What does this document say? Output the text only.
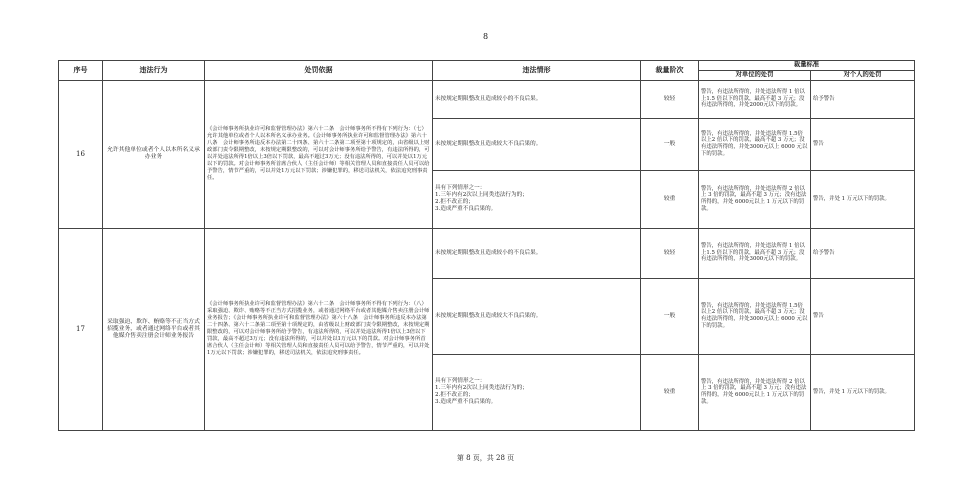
8
序号	违法行为	处罚依据	违法情形	裁量阶次	裁量标准	
					对单位的处罚	对个人的处罚
16	允许其他单位或者个人以本所名义承办业务	《会计师事务所执业许可和监督管理办法》第六十二条　会计师事务所不得有下列行为：（七）允许其他单位或者个人以本所名义承办业务。《会计师事务所执业许可和监督管理办法》第六十八条　会计师事务所违反本办法第二十四条、第六十二条第二项至第十项规定的，由省级以上财政部门责令限期整改，未按规定期限整改的，可以对会计师事务所给予警告，有违法所得的，可以并处违法所得1倍以上3倍以下罚款，最高不超过3万元；没有违法所得的，可以并处以1万元以下的罚款。对会计师事务所首席合伙人（主任会计师）等相关管理人员和直接责任人员可以给予警告，情节严重的，可以并处1万元以下罚款；涉嫌犯罪的，移送司法机关，依法追究刑事责任。	未按规定期限整改且造成较小的不良后果。	较轻	警告，有违法所得的，并处违法所得 1 倍以上1.5 倍以下的罚款，最高不超 3 万元；没有违法所得的，并处2000元以下的罚款。	给予警告
			未按规定期限整改且造成较大不良后果的。	一般	警告，有违法所得的，并处违法所得 1.5倍以上2 倍以下的罚款，最高不超 3 万元；没有违法所得的，并处3000元以上 6000 元以下的罚款。	警告
			具有下列情形之一：
1.三年内有2次以上同类违法行为的；
2.拒不改正的；
3.造成严重不良后果的。	较重	警告，有违法所得的，并处违法所得 2 倍以上 3 倍的罚款，最高不超 3 万元；没有违法所得的，并处 6000元以上 1 万元以下的罚款。	警告，并处 1 万元以下的罚款。
17	采取强迫、欺诈、贿赂等不正当方式招揽业务，或者通过网络平台或者其他媒介售卖注册会计师业务报告	《会计师事务所执业许可和监督管理办法》第六十二条　会计师事务所不得有下列行为：（八）采取强迫、欺诈、贿赂等不正当方式招揽业务，或者通过网络平台或者其他媒介售卖注册会计师业务报告；《会计师事务所执业许可和监督管理办法》第六十八条　会计师事务所违反本办法第二十四条、第六十二条第二项至第十项规定的，由省级以上财政部门责令限期整改，未按规定期限整改的，可以对会计师事务所给予警告，有违法所得的，可以并处违法所得1倍以上3倍以下罚款，最高不超过3万元；没有违法所得的，可以并处以1万元以下的罚款。对会计师事务所首席合伙人（主任会计师）等相关管理人员和直接责任人员可以给予警告，情节严重的，可以并处1万元以下罚款；涉嫌犯罪的，移送司法机关，依法追究刑事责任。	未按规定期限整改且造成较小的不良后果。	较轻	警告，有违法所得的，并处违法所得 1 倍以上1.5 倍以下的罚款，最高不超 3 万元；没有违法所得的，并处3000元以下的罚款。	给予警告
			未按规定期限整改且造成较大不良后果的。	一般	警告，有违法所得的，并处违法所得 1.5倍以上2 倍以下的罚款，最高不超 3 万元；没有违法所得的，并处3000元以上 6000 元以下的罚款。	警告
			具有下列情形之一：
1.三年内有2次以上同类违法行为的；
2.拒不改正的；
3.造成严重不良后果的。	较重	警告，有违法所得的，并处违法所得 2 倍以上 3 倍的罚款，最高不超 3 万元；没有违法所得的，并处 6000元以上 1 万元以下的罚款。	警告，并处 1 万元以下的罚款。
第 8 页，共 28 页
